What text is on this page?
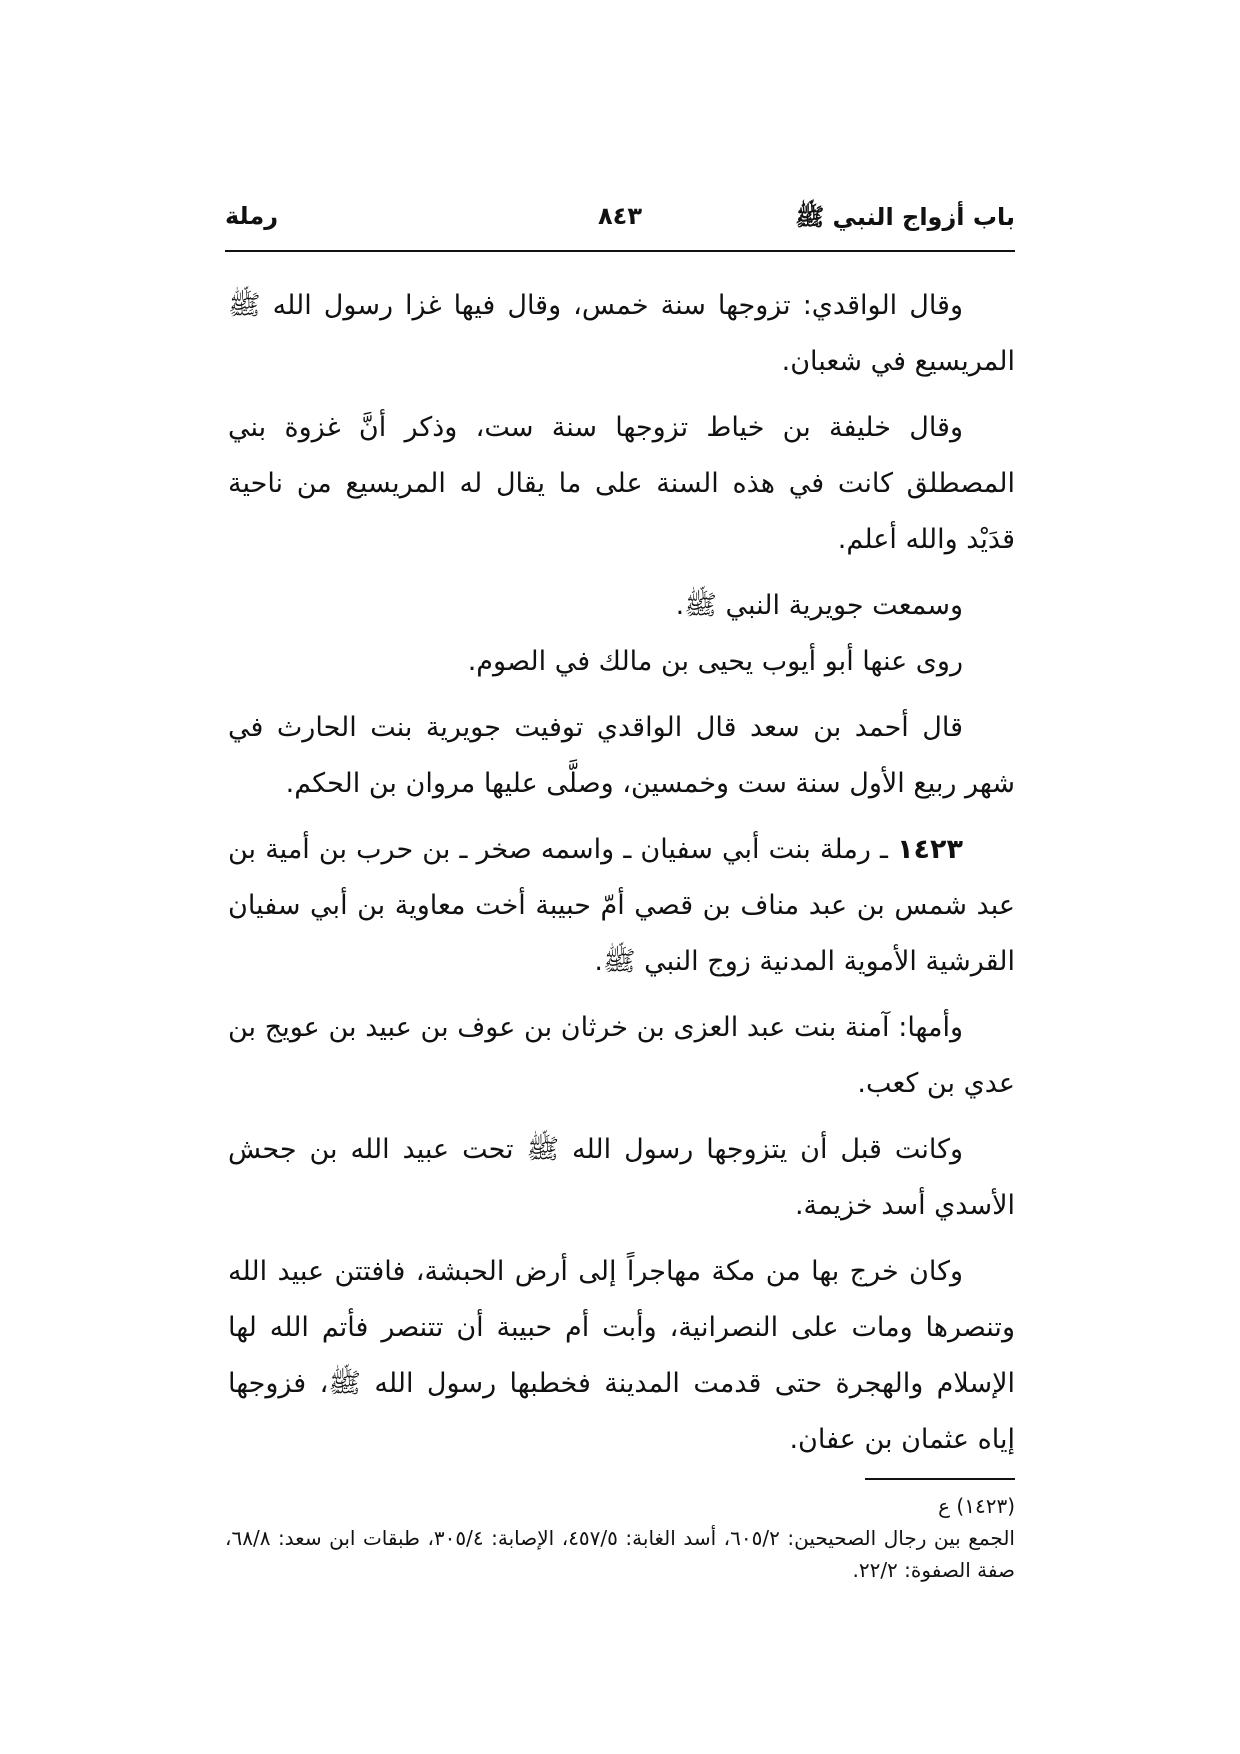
باب أزواج النبي ﷺ
٨٤٣
رملة

وقال الواقدي: تزوجها سنة خمس، وقال فيها غزا رسول الله ﷺ المريسيع في شعبان.

وقال خليفة بن خياط تزوجها سنة ست، وذكر أنَّ غزوة بني المصطلق كانت في هذه السنة على ما يقال له المريسيع من ناحية قدَيْد والله أعلم.

وسمعت جويرية النبي ﷺ.

روى عنها أبو أيوب يحيى بن مالك في الصوم.

قال أحمد بن سعد قال الواقدي توفيت جويرية بنت الحارث في شهر ربيع الأول سنة ست وخمسين، وصلَّى عليها مروان بن الحكم.

١٤٢٣ ـ رملة بنت أبي سفيان ـ واسمه صخر ـ بن حرب بن أمية بن عبد شمس بن عبد مناف بن قصي أمّ حبيبة أخت معاوية بن أبي سفيان القرشية الأموية المدنية زوج النبي ﷺ.

وأمها: آمنة بنت عبد العزى بن خرثان بن عوف بن عبيد بن عويج بن عدي بن كعب.

وكانت قبل أن يتزوجها رسول الله ﷺ تحت عبيد الله بن جحش الأسدي أسد خزيمة.

وكان خرج بها من مكة مهاجراً إلى أرض الحبشة، فافتتن عبيد الله وتنصرها ومات على النصرانية، وأبت أم حبيبة أن تتنصر فأتم الله لها الإسلام والهجرة حتى قدمت المدينة فخطبها رسول الله ﷺ، فزوجها إياه عثمان بن عفان.

(١٤٢٣) ع

الجمع بين رجال الصحيحين: ٦٠٥/٢، أسد الغابة: ٤٥٧/٥، الإصابة: ٣٠٥/٤، طبقات ابن سعد: ٦٨/٨، صفة الصفوة: ٢٢/٢.
